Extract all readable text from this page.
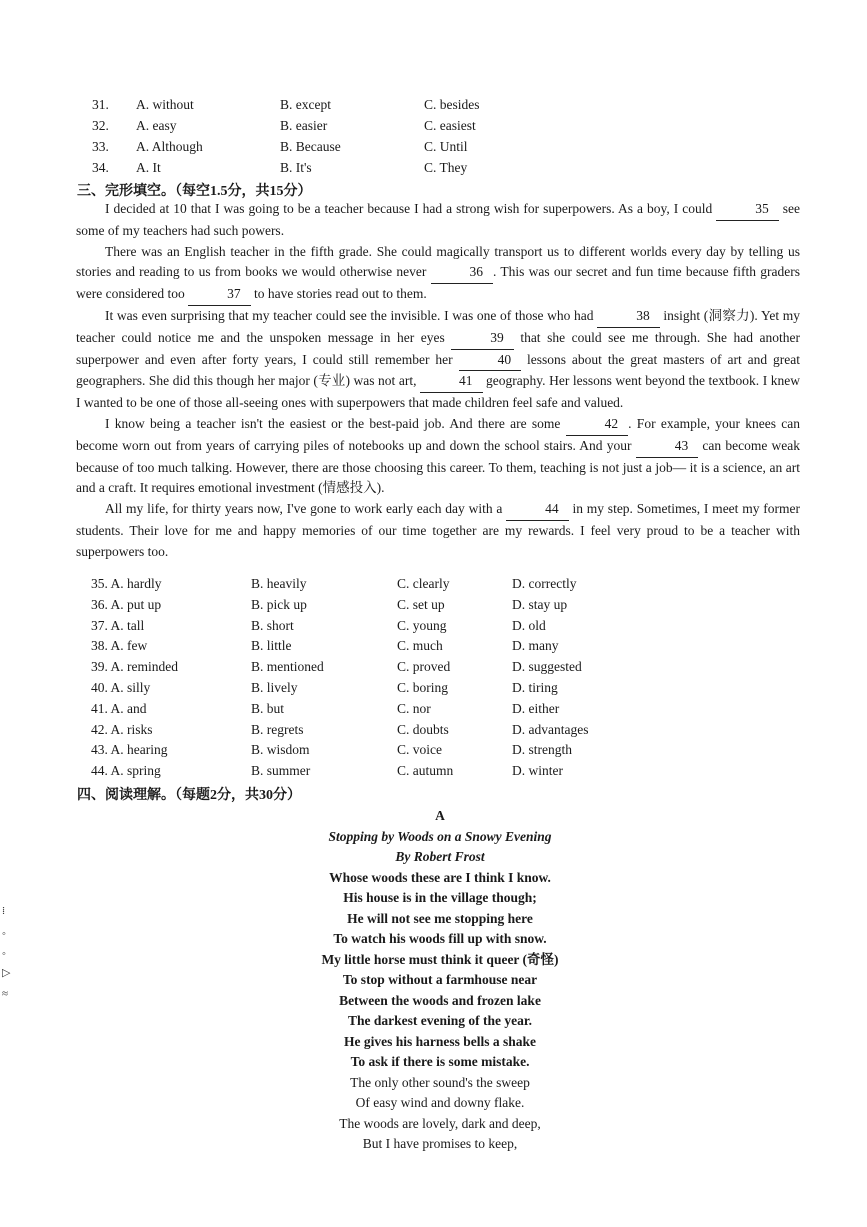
31. A. without	B. except	C. besides
32. A. easy	B. easier	C. easiest
33. A. Although	B. Because	C. Until
34. A. It	B. It's	C. They
三、完形填空。（每空1.5分，共15分）

I decided at 10 that I was going to be a teacher because I had a strong wish for superpowers. As a boy, I could	35 see some of my teachers had such powers.

There was an English teacher in the fifth grade. She could magically transport us to different worlds every day by telling us stories and reading to us from books we would otherwise never	36 . This was our secret and fun time because fifth graders were considered too	37 to have stories read out to them.

It was even surprising that my teacher could see the invisible. I was one of those who had	38 insight (洞察力). Yet my teacher could notice me and the unspoken message in her eyes	39 that she could see me through. She had another superpower and even after forty years, I could still remember her	40 lessons about the great masters of art and great geographers. She did this though her major (专业) was not art,	41 geography. Her lessons went beyond the textbook. I knew I wanted to be one of those all-seeing ones with superpowers that made children feel safe and valued.

I know being a teacher isn't the easiest or the best-paid job. And there are some	42 . For example, your knees can become worn out from years of carrying piles of notebooks up and down the school stairs. And your	43 can become weak because of too much talking. However, there are those choosing this career. To them, teaching is not just a job— it is a science, an art and a craft. It requires emotional investment (情感投入).

All my life, for thirty years now, I've gone to work early each day with a	44 in my step. Sometimes, I meet my former students. Their love for me and happy memories of our time together are my rewards. I feel very proud to be a teacher with superpowers too.

35. A. hardly	B. heavily	C. clearly	D. correctly
36. A. put up	B. pick up	C. set up	D. stay up
37. A. tall	B. short	C. young	D. old
38. A. few	B. little	C. much	D. many
39. A. reminded	B. mentioned	C. proved	D. suggested
40. A. silly	B. lively	C. boring	D. tiring
41. A. and	B. but	C. nor	D. either
42. A. risks	B. regrets	C. doubts	D. advantages
43. A. hearing	B. wisdom	C. voice	D. strength
44. A. spring	B. summer	C. autumn	D. winter
四、阅读理解。（每题2分，共30分）
A
Stopping by Woods on a Snowy Evening
By Robert Frost
Whose woods these are I think I know.
His house is in the village though;
He will not see me stopping here
To watch his woods fill up with snow.
My little horse must think it queer (奇怪)
To stop without a farmhouse near
Between the woods and frozen lake
The darkest evening of the year.
He gives his harness bells a shake
To ask if there is some mistake.
The only other sound's the sweep
Of easy wind and downy flake.
The woods are lovely, dark and deep,
But I have promises to keep,
⁞
◦
◦
▷
≈
